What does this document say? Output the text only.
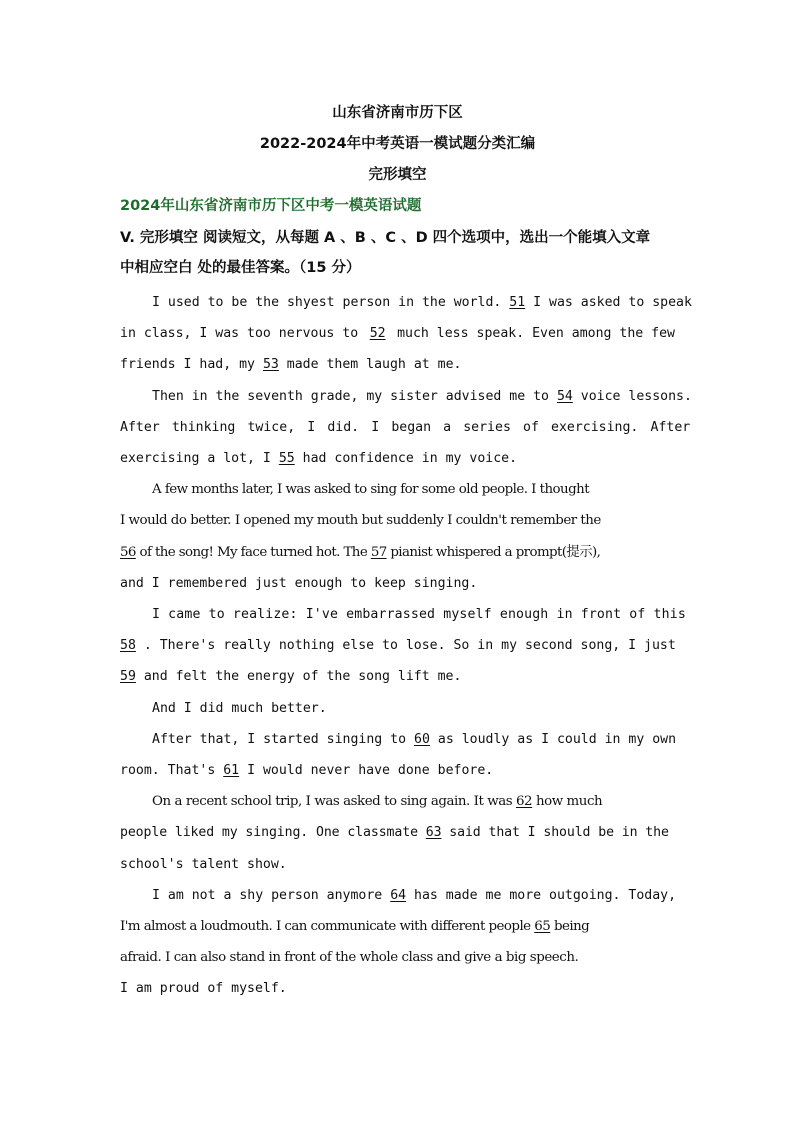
山东省济南市历下区
2022-2024年中考英语一模试题分类汇编
完形填空
2024年山东省济南市历下区中考一模英语试题
V. 完形填空 阅读短文，从每题 A 、B 、C 、D 四个选项中，选出一个能填入文章
中相应空白 处的最佳答案。（15 分）
I used to be the shyest person in the world. 51 I was asked to speak
in class, I was too nervous to 52 much less speak. Even among the few
friends I had, my 53 made them laugh at me.
Then in the seventh grade, my sister advised me to 54 voice lessons.
After thinking twice, I did. I began a series of exercising. After
exercising a lot, I 55 had confidence in my voice.
A few months later, I was asked to sing for some old people. I thought
I would do better. I opened my mouth but suddenly I couldn't remember the
56 of the song! My face turned hot. The 57 pianist whispered a prompt(提示),
and I remembered just enough to keep singing.
I came to realize: I've embarrassed myself enough in front of this
58 . There's really nothing else to lose. So in my second song, I just
59 and felt the energy of the song lift me.
And I did much better.
After that, I started singing to 60 as loudly as I could in my own
room. That's 61 I would never have done before.
On a recent school trip, I was asked to sing again. It was 62 how much
people liked my singing. One classmate 63 said that I should be in the
school's talent show.
I am not a shy person anymore 64 has made me more outgoing. Today,
I'm almost a loudmouth. I can communicate with different people 65 being
afraid. I can also stand in front of the whole class and give a big speech.
I am proud of myself.
